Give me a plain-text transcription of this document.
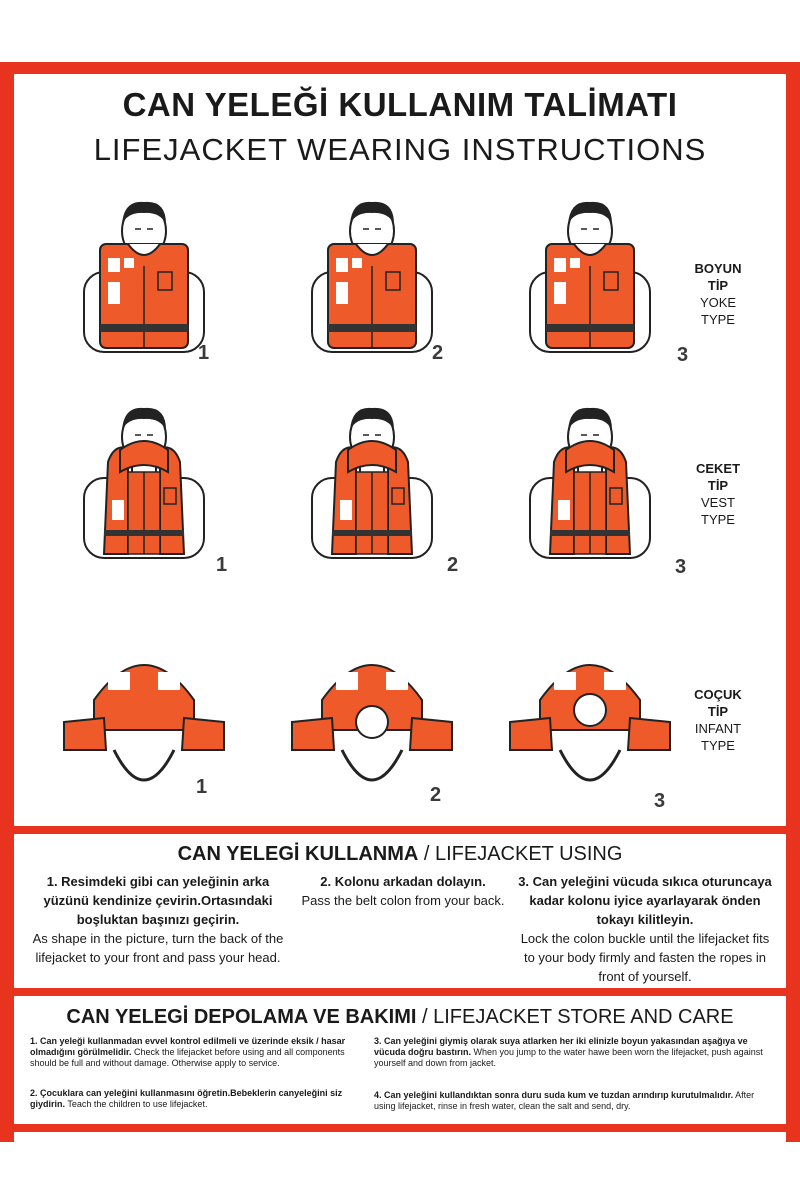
CAN YELEĞİ KULLANIM TALİMATI
LIFEJACKET WEARING INSTRUCTIONS
1	2	3
1	2	3
1	2	3
BOYUN
TİP
YOKE
TYPE
CEKET
TİP
VEST
TYPE
COÇUK
TİP
INFANT
TYPE
CAN YELEGİ KULLANMA / LIFEJACKET USING
1. Resimdeki gibi can yeleğinin arka yüzünü kendinize çevirin.Ortasındaki boşluktan başınızı geçirin.
As shape in the picture, turn the back of the lifejacket to your front and pass your head.
2. Kolonu arkadan dolayın.
Pass the belt colon from your back.
3. Can yeleğini vücuda sıkıca oturuncaya kadar kolonu iyice ayarlayarak önden tokayı kilitleyin.
Lock the colon buckle until the lifejacket fits to your body firmly and fasten the ropes in front of yourself.
CAN YELEGİ DEPOLAMA VE BAKIMI / LIFEJACKET STORE AND CARE
1. Can yeleği kullanmadan evvel kontrol edilmeli ve üzerinde eksik / hasar olmadığını görülmelidir. Check the lifejacket before using and all components should be full and without damage. Otherwise apply to service.
2. Çocuklara can yeleğini kullanmasını öğretin.Bebeklerin canyeleğini siz giydirin. Teach the children to use lifejacket.
3. Can yeleğini giymiş olarak suya atlarken her iki elinizle boyun yakasından aşağıya ve vücuda doğru bastırın. When you jump to the water hawe been worn the lifejacket, push against yourself and down from jacket.
4. Can yeleğini kullandıktan sonra duru suda kum ve tuzdan arındırıp kurutulmalıdır. After using lifejacket, rinse in fresh water, clean the salt and send, dry.
